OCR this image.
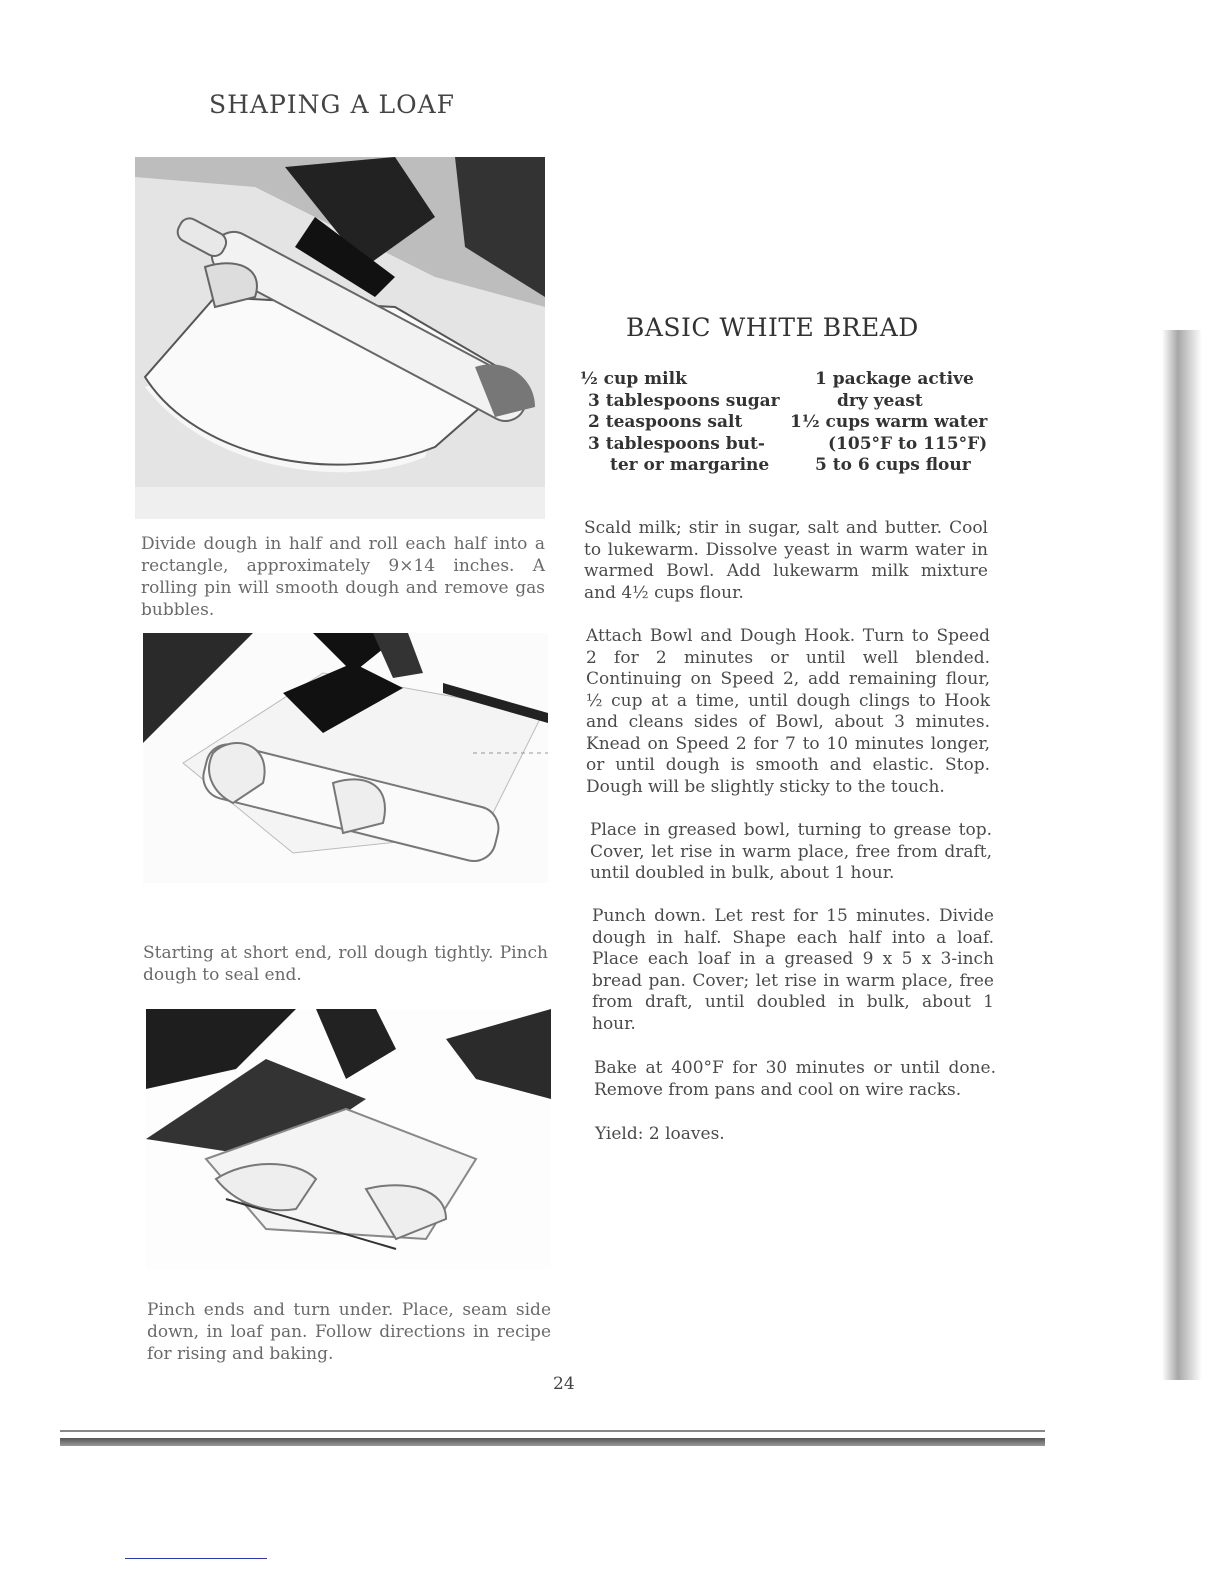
SHAPING A LOAF
Divide dough in half and roll each half into a rectangle, approximately 9×14 inches. A rolling pin will smooth dough and remove gas bubbles.
Starting at short end, roll dough tightly. Pinch dough to seal end.
Pinch ends and turn under. Place, seam side down, in loaf pan. Follow directions in recipe for rising and baking.
BASIC WHITE BREAD
½ cup milk
3 tablespoons sugar
2 teaspoons salt
3 tablespoons but-
ter or margarine
1 package active
dry yeast
1½ cups warm water
(105°F to 115°F)
5 to 6 cups flour
Scald milk; stir in sugar, salt and butter. Cool to lukewarm. Dissolve yeast in warm water in warmed Bowl. Add lukewarm milk mixture and 4½ cups flour.
Attach Bowl and Dough Hook. Turn to Speed 2 for 2 minutes or until well blended. Continuing on Speed 2, add remaining flour, ½ cup at a time, until dough clings to Hook and cleans sides of Bowl, about 3 minutes. Knead on Speed 2 for 7 to 10 minutes longer, or until dough is smooth and elastic. Stop. Dough will be slightly sticky to the touch.
Place in greased bowl, turning to grease top. Cover, let rise in warm place, free from draft, until doubled in bulk, about 1 hour.
Punch down. Let rest for 15 minutes. Divide dough in half. Shape each half into a loaf. Place each loaf in a greased 9 x 5 x 3-inch bread pan. Cover; let rise in warm place, free from draft, until doubled in bulk, about 1 hour.
Bake at 400°F for 30 minutes or until done. Remove from pans and cool on wire racks.
Yield: 2 loaves.
24
